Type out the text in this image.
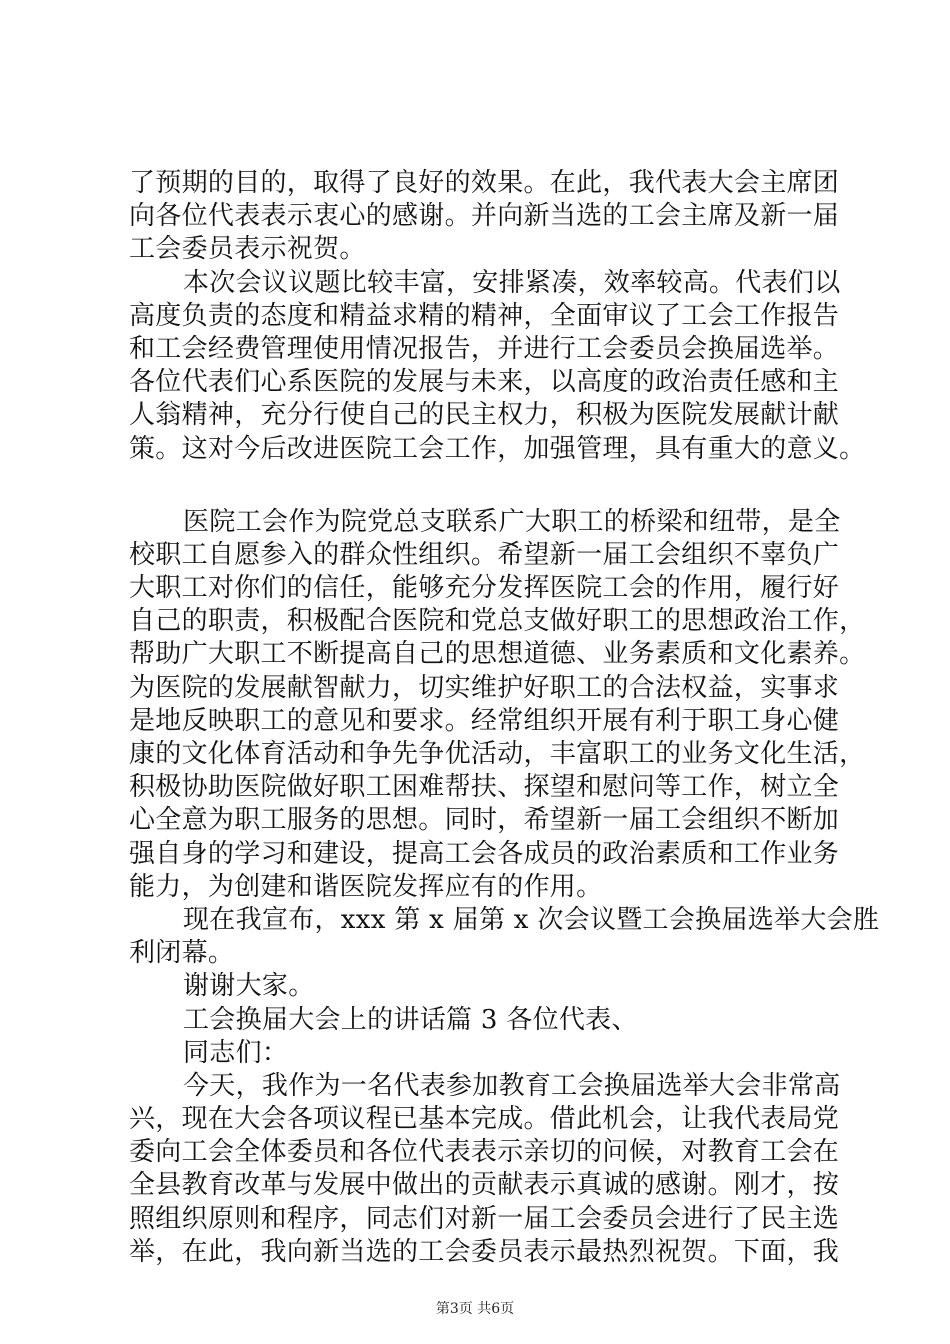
了预期的目的，取得了良好的效果。在此，我代表大会主席团
向各位代表表示衷心的感谢。并向新当选的工会主席及新一届
工会委员表示祝贺。
本次会议议题比较丰富，安排紧凑，效率较高。代表们以
高度负责的态度和精益求精的精神，全面审议了工会工作报告
和工会经费管理使用情况报告，并进行工会委员会换届选举。
各位代表们心系医院的发展与未来，以高度的政治责任感和主
人翁精神，充分行使自己的民主权力，积极为医院发展献计献
策。这对今后改进医院工会工作，加强管理，具有重大的意义。
医院工会作为院党总支联系广大职工的桥梁和纽带，是全
校职工自愿参入的群众性组织。希望新一届工会组织不辜负广
大职工对你们的信任，能够充分发挥医院工会的作用，履行好
自己的职责，积极配合医院和党总支做好职工的思想政治工作，
帮助广大职工不断提高自己的思想道德、业务素质和文化素养。
为医院的发展献智献力，切实维护好职工的合法权益，实事求
是地反映职工的意见和要求。经常组织开展有利于职工身心健
康的文化体育活动和争先争优活动，丰富职工的业务文化生活，
积极协助医院做好职工困难帮扶、探望和慰问等工作，树立全
心全意为职工服务的思想。同时，希望新一届工会组织不断加
强自身的学习和建设，提高工会各成员的政治素质和工作业务
能力，为创建和谐医院发挥应有的作用。
现在我宣布，xxx 第 x 届第 x 次会议暨工会换届选举大会胜
利闭幕。
谢谢大家。
工会换届大会上的讲话篇 3 各位代表、
同志们：
今天，我作为一名代表参加教育工会换届选举大会非常高
兴，现在大会各项议程已基本完成。借此机会，让我代表局党
委向工会全体委员和各位代表表示亲切的问候，对教育工会在
全县教育改革与发展中做出的贡献表示真诚的感谢。刚才，按
照组织原则和程序，同志们对新一届工会委员会进行了民主选
举，在此，我向新当选的工会委员表示最热烈祝贺。下面，我
第3页 共6页
